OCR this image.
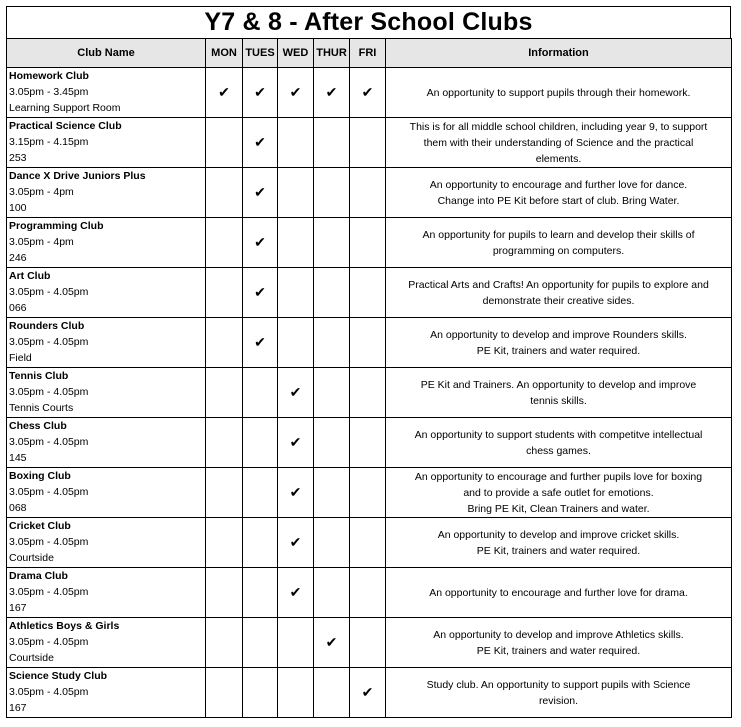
Y7 & 8 - After School Clubs
Club Name	MON	TUES	WED	THUR	FRI	Information

Homework Club
3.05pm - 3.45pm
Learning Support Room	✔	✔	✔	✔	✔	An opportunity to support pupils through their homework.

Practical Science Club
3.15pm - 4.15pm
253		✔				This is for all middle school children, including year 9, to support
them with their understanding of Science and the practical
elements.

Dance X Drive Juniors Plus
3.05pm - 4pm
100		✔				An opportunity to encourage and further love for dance.
Change into PE Kit before start of club. Bring Water.

Programming Club
3.05pm - 4pm
246		✔				An opportunity for pupils to learn and develop their skills of
programming on computers.

Art Club
3.05pm - 4.05pm
066		✔				Practical Arts and Crafts! An opportunity for pupils to explore and
demonstrate their creative sides.

Rounders Club
3.05pm - 4.05pm
Field		✔				An opportunity to develop and improve Rounders skills.
PE Kit, trainers and water required.

Tennis Club
3.05pm - 4.05pm
Tennis Courts			✔			PE Kit and Trainers. An opportunity to develop and improve
tennis skills.

Chess Club
3.05pm - 4.05pm
145			✔			An opportunity to support students with competitve intellectual
chess games.

Boxing Club
3.05pm - 4.05pm
068			✔			An opportunity to encourage and further pupils love for boxing
and to provide a safe outlet for emotions.
Bring PE Kit, Clean Trainers and water.

Cricket Club
3.05pm - 4.05pm
Courtside			✔			An opportunity to develop and improve cricket skills.
PE Kit, trainers and water required.

Drama Club
3.05pm - 4.05pm
167			✔			An opportunity to encourage and further love for drama.

Athletics Boys & Girls
3.05pm - 4.05pm
Courtside				✔		An opportunity to develop and improve Athletics skills.
PE Kit, trainers and water required.

Science Study Club
3.05pm - 4.05pm
167					✔	Study club. An opportunity to support pupils with Science
revision.
